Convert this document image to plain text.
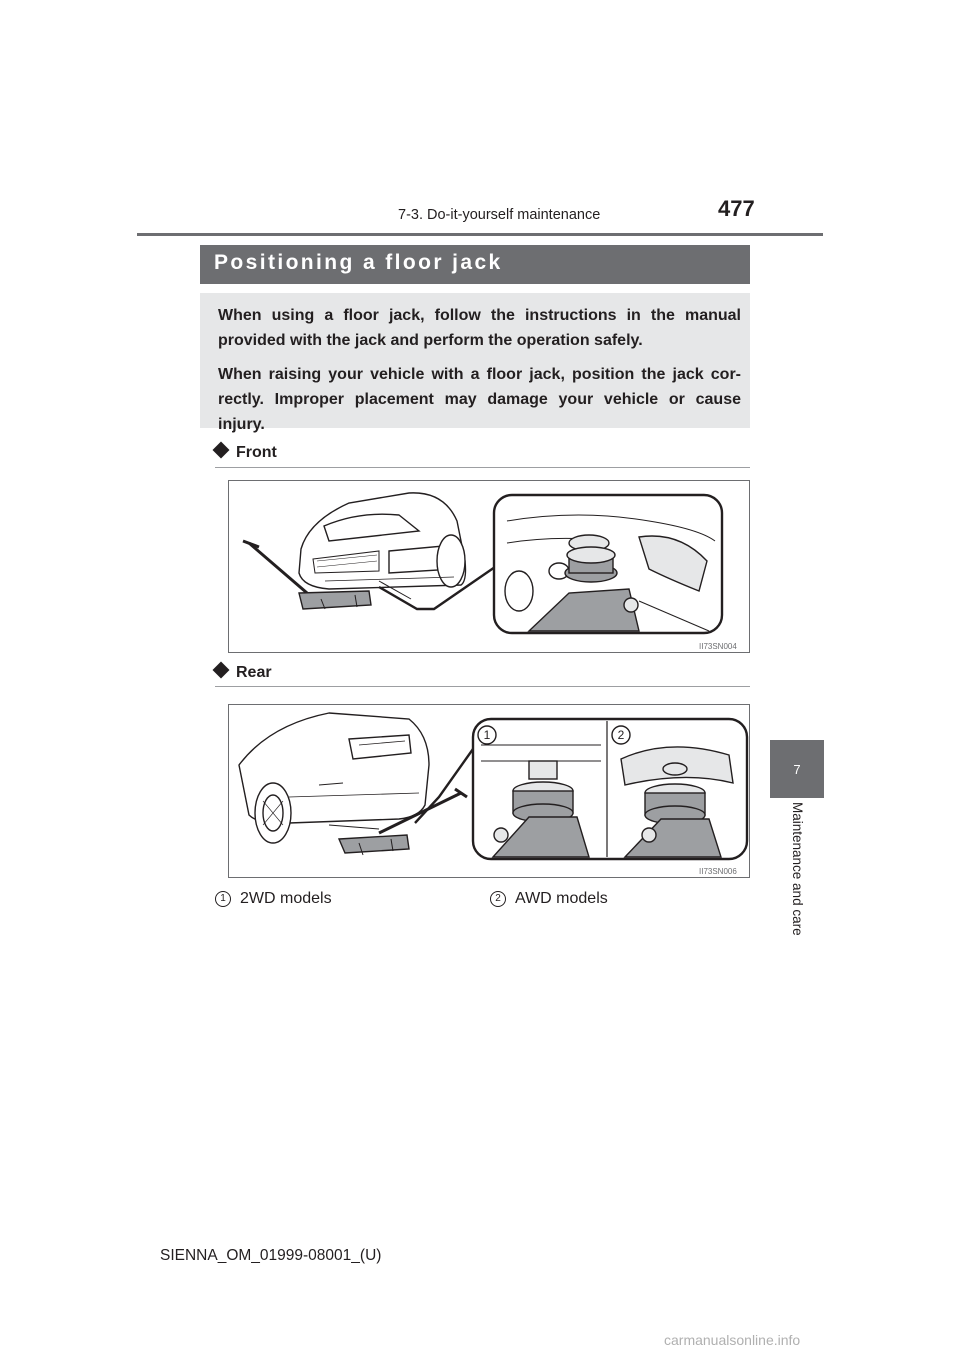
7-3. Do-it-yourself maintenance	477
7
Maintenance and care
Positioning a floor jack

When using a floor jack, follow the instructions in the manual provided with the jack and perform the operation safely.

When raising your vehicle with a floor jack, position the jack cor-rectly. Improper placement may damage your vehicle or cause injury.

Front
II73SN004
Rear
1	2
II73SN006
1 2WD models	2 AWD models
SIENNA_OM_01999-08001_(U)
carmanualsonline.info
